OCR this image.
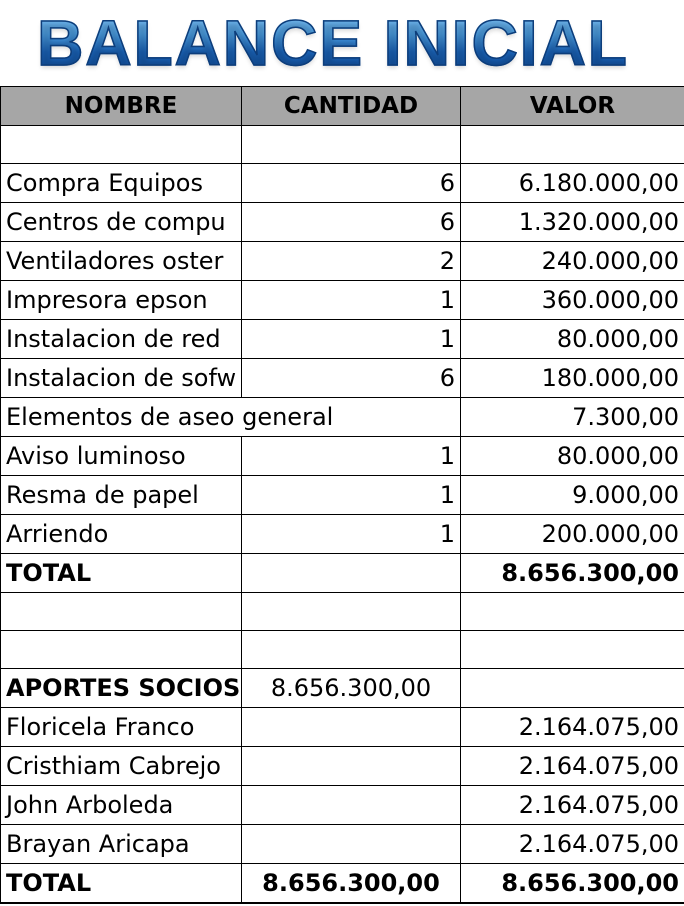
BALANCE INICIAL
NOMBRE	CANTIDAD	VALOR

Compra Equipos	6	6.180.000,00
Centros de compu	6	1.320.000,00
Ventiladores oster	2	240.000,00
Impresora epson	1	360.000,00
Instalacion de red	1	80.000,00
Instalacion de sofw	6	180.000,00
Elementos de aseo general		7.300,00
Aviso luminoso	1	80.000,00
Resma de papel	1	9.000,00
Arriendo	1	200.000,00
TOTAL		8.656.300,00

APORTES SOCIOS	8.656.300,00	
Floricela Franco		2.164.075,00
Cristhiam Cabrejo		2.164.075,00
John Arboleda		2.164.075,00
Brayan Aricapa		2.164.075,00
TOTAL	8.656.300,00	8.656.300,00
